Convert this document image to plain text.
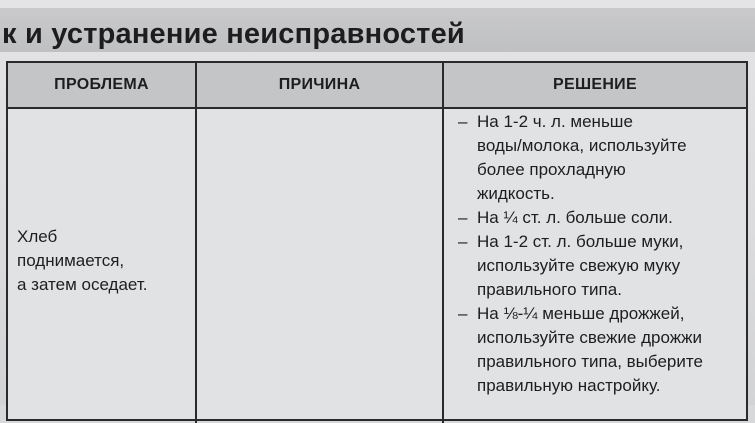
к и устранение неисправностей
ПРОБЛЕМА	ПРИЧИНА	РЕШЕНИЕ
Хлеб
поднимается,
а затем оседает.
– На 1-2 ч. л. меньше
воды/молока, используйте
более прохладную
жидкость.
– На ¼ ст. л. больше соли.
– На 1-2 ст. л. больше муки,
используйте свежую муку
правильного типа.
– На ⅛-¼ меньше дрожжей,
используйте свежие дрожжи
правильного типа, выберите
правильную настройку.
